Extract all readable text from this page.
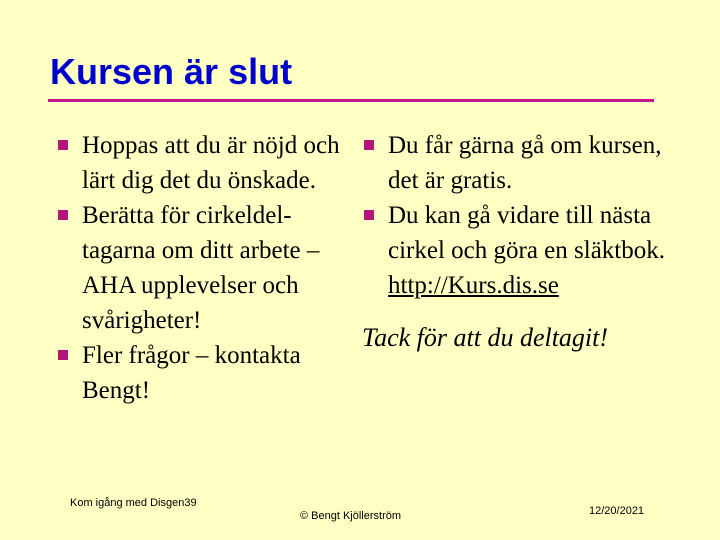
Kursen är slut
Hoppas att du är nöjd och lärt dig det du önskade.
Berätta för cirkeldel-tagarna om ditt arbete – AHA upplevelser och svårigheter!
Fler frågor – kontakta Bengt!
Du får gärna gå om kursen, det är gratis.
Du kan gå vidare till nästa cirkel och göra en släktbok. http://Kurs.dis.se
Tack för att du deltagit!
Kom igång med Disgen39
© Bengt Kjöllerström	12/20/2021
